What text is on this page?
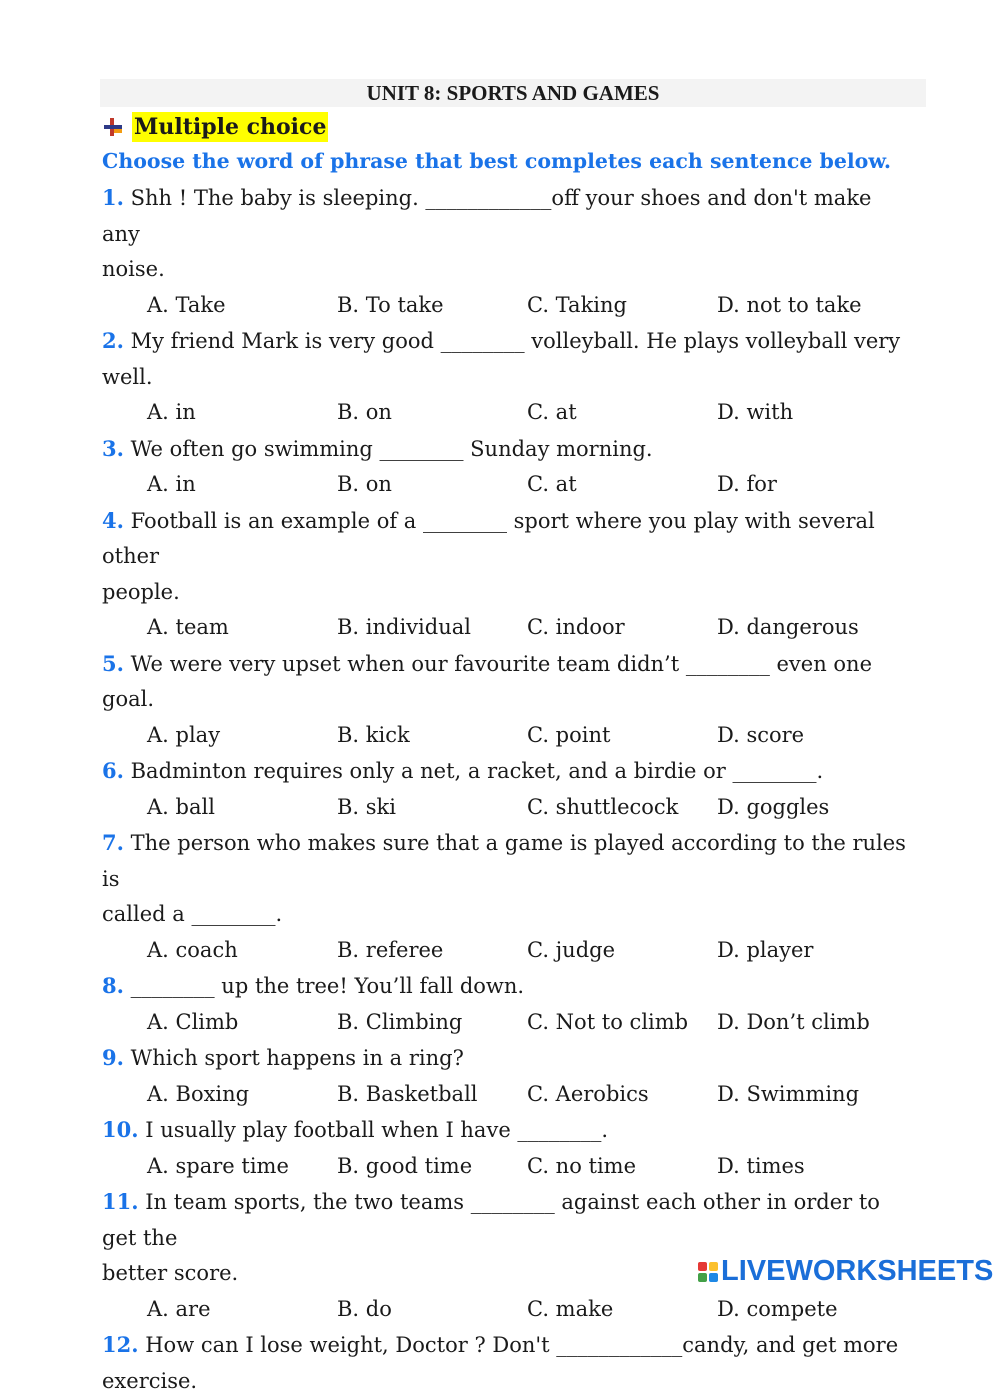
UNIT 8: SPORTS AND GAMES
Multiple choice
Choose the word of phrase that best completes each sentence below.
1. Shh ! The baby is sleeping. ____________off your shoes and don't make any
noise.
A. Take	B. To take	C. Taking	D. not to take
2. My friend Mark is very good ________ volleyball. He plays volleyball very
well.
A. in	B. on	C. at	D. with
3. We often go swimming ________ Sunday morning.
A. in	B. on	C. at	D. for
4. Football is an example of a ________ sport where you play with several other
people.
A. team	B. individual	C. indoor	D. dangerous
5. We were very upset when our favourite team didn’t ________ even one goal.
A. play	B. kick	C. point	D. score
6. Badminton requires only a net, a racket, and a birdie or ________.
A. ball	B. ski	C. shuttlecock	D. goggles
7. The person who makes sure that a game is played according to the rules is
called a ________.
A. coach	B. referee	C. judge	D. player
8. ________ up the tree! You’ll fall down.
A. Climb	B. Climbing	C. Not to climb	D. Don’t climb
9. Which sport happens in a ring?
A. Boxing	B. Basketball	C. Aerobics	D. Swimming
10. I usually play football when I have ________.
A. spare time	B. good time	C. no time	D. times
11. In team sports, the two teams ________ against each other in order to get the
better score.
A. are	B. do	C. make	D. compete
12. How can I lose weight, Doctor ? Don't ____________candy, and get more
exercise.
LIVEWORKSHEETS
